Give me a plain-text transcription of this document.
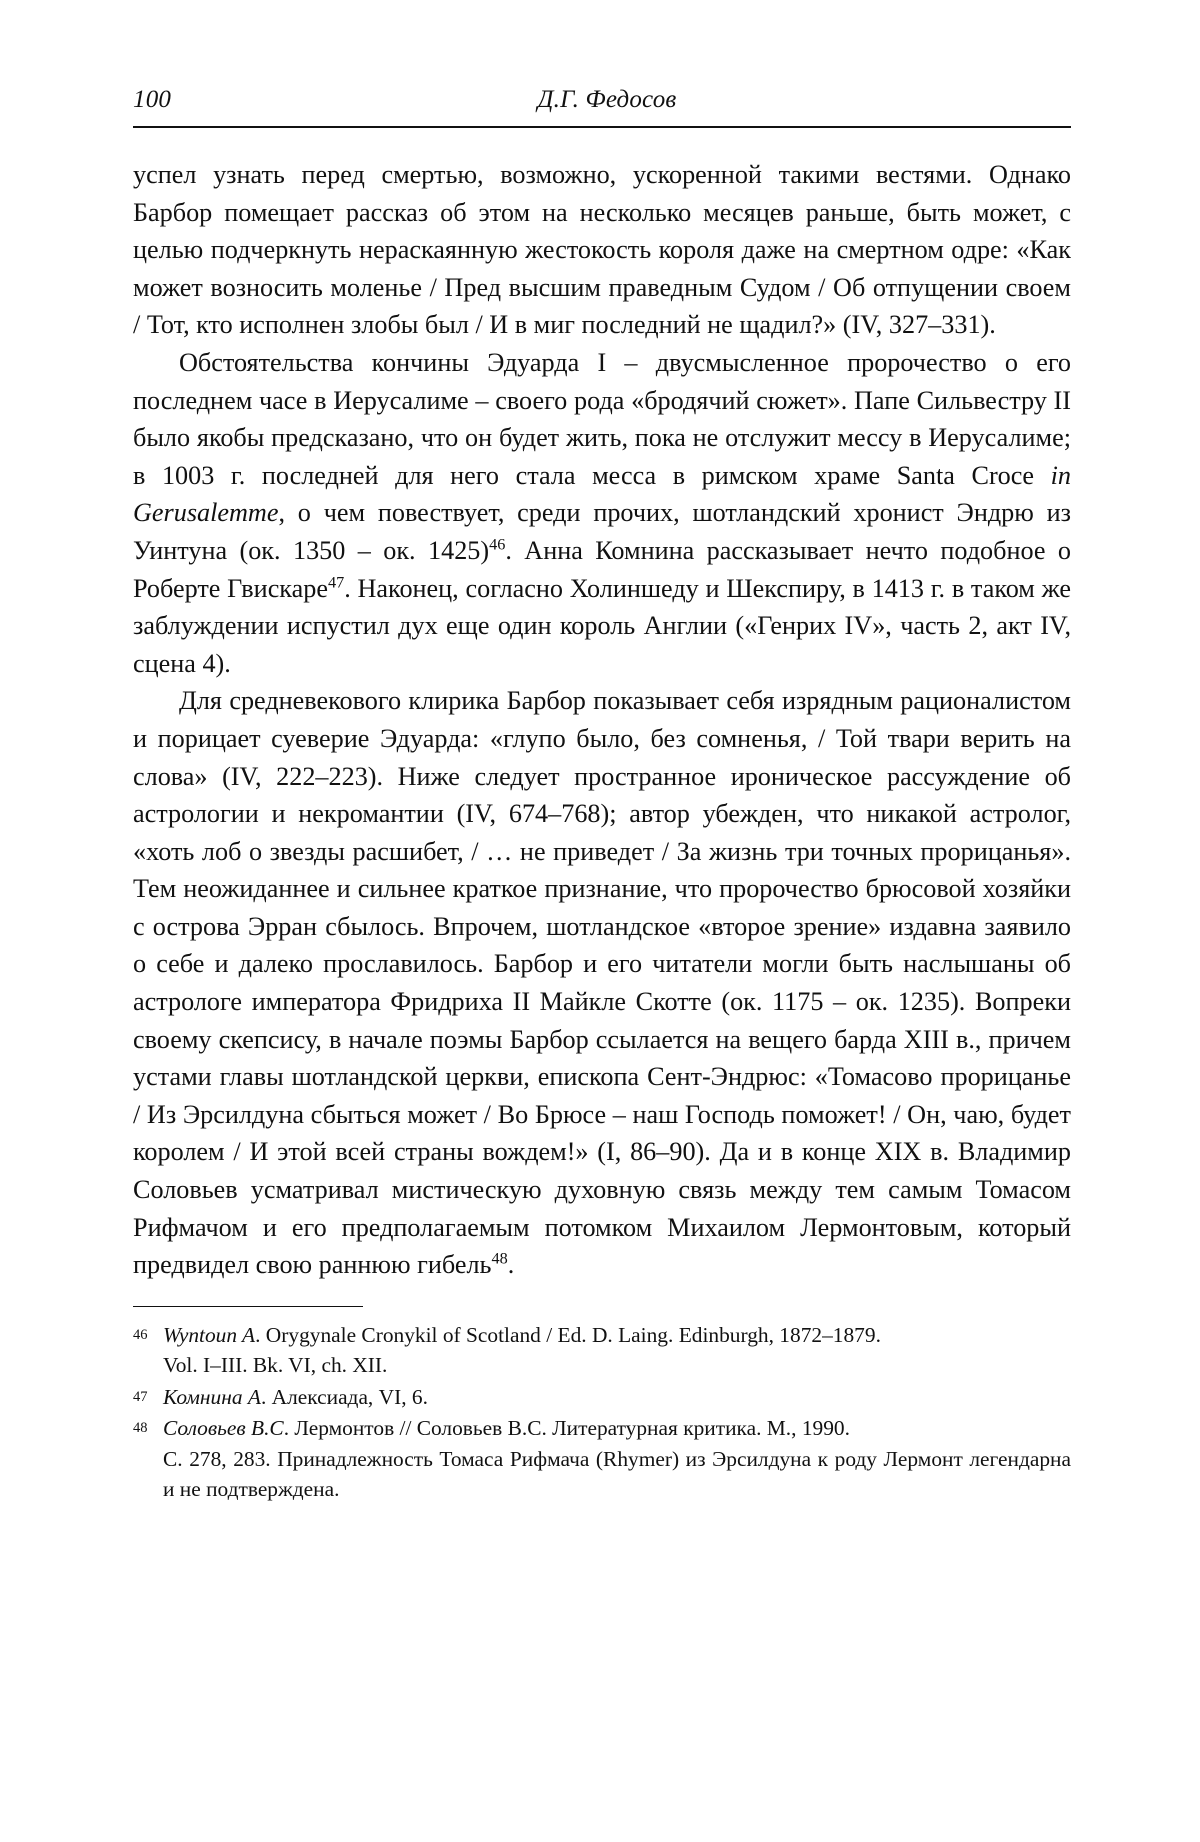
100	Д.Г. Федосов

успел узнать перед смертью, возможно, ускоренной такими вестями. Однако Барбор помещает рассказ об этом на несколько месяцев раньше, быть может, с целью подчеркнуть нераскаянную жестокость короля даже на смертном одре: «Как может возносить моленье / Пред высшим праведным Судом / Об отпущении своем / Тот, кто исполнен злобы был / И в миг последний не щадил?» (IV, 327–331).

Обстоятельства кончины Эдуарда I – двусмысленное пророчество о его последнем часе в Иерусалиме – своего рода «бродячий сюжет». Папе Сильвестру II было якобы предсказано, что он будет жить, пока не отслужит мессу в Иерусалиме; в 1003 г. последней для него стала месса в римском храме Santa Croce in Gerusalemme, о чем повествует, среди прочих, шотландский хронист Эндрю из Уинтуна (ок. 1350 – ок. 1425)$^{46}$. Анна Комнина рассказывает нечто подобное о Роберте Гвискаре$^{47}$. Наконец, согласно Холиншеду и Шекспиру, в 1413 г. в таком же заблуждении испустил дух еще один король Англии («Генрих IV», часть 2, акт IV, сцена 4).

Для средневекового клирика Барбор показывает себя изрядным рационалистом и порицает суеверие Эдуарда: «глупо было, без сомненья, / Той твари верить на слова» (IV, 222–223). Ниже следует пространное ироническое рассуждение об астрологии и некромантии (IV, 674–768); автор убежден, что никакой астролог, «хоть лоб о звезды расшибет, / … не приведет / За жизнь три точных прорицанья». Тем неожиданнее и сильнее краткое признание, что пророчество брюсовой хозяйки с острова Эрран сбылось. Впрочем, шотландское «второе зрение» издавна заявило о себе и далеко прославилось. Барбор и его читатели могли быть наслышаны об астрологе императора Фридриха II Майкле Скотте (ок. 1175 – ок. 1235). Вопреки своему скепсису, в начале поэмы Барбор ссылается на вещего барда XIII в., причем устами главы шотландской церкви, епископа Сент-Эндрюс: «Томасово прорицанье / Из Эрсилдуна сбыться может / Во Брюсе – наш Господь поможет! / Он, чаю, будет королем / И этой всей страны вождем!» (I, 86–90). Да и в конце XIX в. Владимир Соловьев усматривал мистическую духовную связь между тем самым Томасом Рифмачом и его предполагаемым потомком Михаилом Лермонтовым, который предвидел свою раннюю гибель$^{48}$.

46 Wyntoun A. Orygynale Cronykil of Scotland / Ed. D. Laing. Edinburgh, 1872–1879.
Vol. I–III. Bk. VI, ch. XII.
47 Комнина А. Алексиада, VI, 6.
48 Соловьев В.С. Лермонтов // Соловьев В.С. Литературная критика. М., 1990.
С. 278, 283. Принадлежность Томаса Рифмача (Rhymer) из Эрсилдуна к роду Лермонт легендарна и не подтверждена.
